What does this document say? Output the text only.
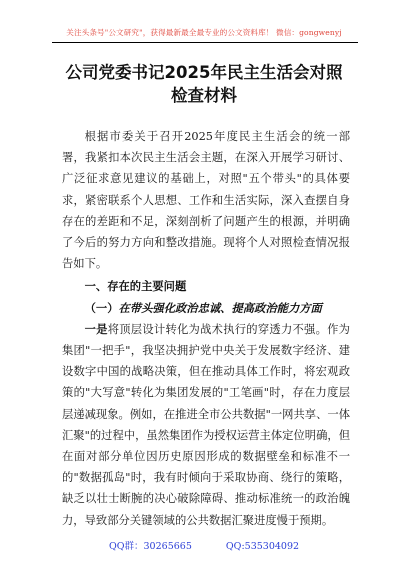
关注头条号"公文研究"，获得最新最全最专业的公文资料库！ 微信：gongwenyj
公司党委书记2025年民主生活会对照检查材料

根据市委关于召开2025年度民主生活会的统一部署，我紧扣本次民主生活会主题，在深入开展学习研讨、广泛征求意见建议的基础上，对照"五个带头"的具体要求，紧密联系个人思想、工作和生活实际，深入查摆自身存在的差距和不足，深刻剖析了问题产生的根源，并明确了今后的努力方向和整改措施。现将个人对照检查情况报告如下。

一、存在的主要问题

（一）在带头强化政治忠诚、提高政治能力方面

一是将顶层设计转化为战术执行的穿透力不强。作为集团"一把手"，我坚决拥护党中央关于发展数字经济、建设数字中国的战略决策，但在推动具体工作时，将宏观政策的"大写意"转化为集团发展的"工笔画"时，存在力度层层递减现象。例如，在推进全市公共数据"一网共享、一体汇聚"的过程中，虽然集团作为授权运营主体定位明确，但在面对部分单位因历史原因形成的数据壁垒和标准不一的"数据孤岛"时，我有时倾向于采取协商、绕行的策略，缺乏以壮士断腕的决心破除障碍、推动标准统一的政治魄力，导致部分关键领域的公共数据汇聚进度慢于预期。

QQ群：30265665	QQ:535304092
